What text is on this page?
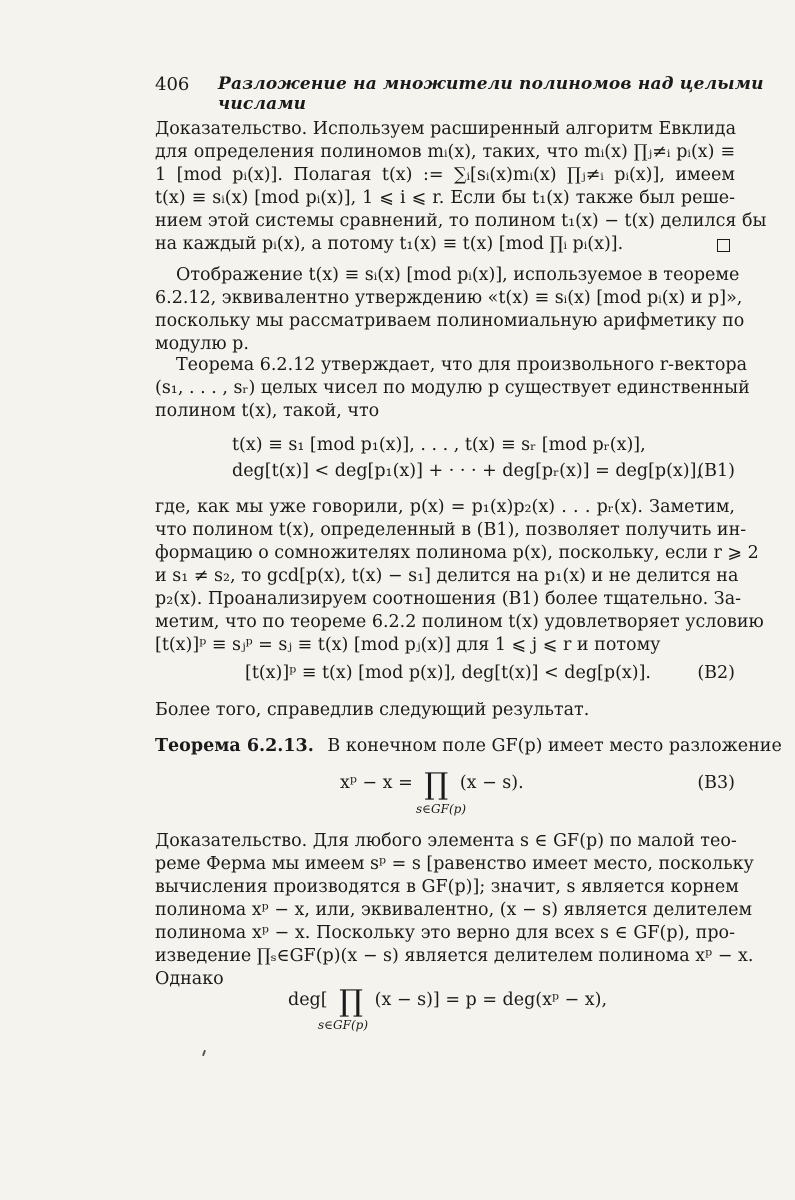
406 Разложение на множители полиномов над целыми числами
Доказательство. Используем расширенный алгоритм Евклида
для определения полиномов mᵢ(x), таких, что mᵢ(x) ∏ⱼ≠ᵢ pᵢ(x) ≡
1 [mod pᵢ(x)]. Полагая t(x) := ∑ᵢ[sᵢ(x)mᵢ(x) ∏ⱼ≠ᵢ pᵢ(x)], имеем
t(x) ≡ sᵢ(x) [mod pᵢ(x)], 1 ⩽ i ⩽ r. Если бы t₁(x) также был реше-
нием этой системы сравнений, то полином t₁(x) − t(x) делился бы
на каждый pᵢ(x), а потому t₁(x) ≡ t(x) [mod ∏ᵢ pᵢ(x)].
Отображение t(x) ≡ sᵢ(x) [mod pᵢ(x)], используемое в теореме
6.2.12, эквивалентно утверждению «t(x) ≡ sᵢ(x) [mod pᵢ(x) и p]»,
поскольку мы рассматриваем полиномиальную арифметику по
модулю p.
Теорема 6.2.12 утверждает, что для произвольного r-вектора
(s₁, . . . , sᵣ) целых чисел по модулю p существует единственный
полином t(x), такой, что
t(x) ≡ s₁ [mod p₁(x)], . . . , t(x) ≡ sᵣ [mod pᵣ(x)],
deg[t(x)] < deg[p₁(x)] + · · · + deg[pᵣ(x)] = deg[p(x)],
(B1)
где, как мы уже говорили, p(x) = p₁(x)p₂(x) . . . pᵣ(x). Заметим,
что полином t(x), определенный в (B1), позволяет получить ин-
формацию о сомножителях полинома p(x), поскольку, если r ⩾ 2
и s₁ ≠ s₂, то gcd[p(x), t(x) − s₁] делится на p₁(x) и не делится на
p₂(x). Проанализируем соотношения (B1) более тщательно. За-
метим, что по теореме 6.2.2 полином t(x) удовлетворяет условию
[t(x)]ᵖ ≡ sⱼᵖ = sⱼ ≡ t(x) [mod pⱼ(x)] для 1 ⩽ j ⩽ r и потому
[t(x)]ᵖ ≡ t(x) [mod p(x)], deg[t(x)] < deg[p(x)].	(B2)
Более того, справедлив следующий результат.
Теорема 6.2.13. В конечном поле GF(p) имеет место разложение
xᵖ − x = ∏ (x − s).
s∈GF(p)
(B3)
Доказательство. Для любого элемента s ∈ GF(p) по малой тео-
реме Ферма мы имеем sᵖ = s [равенство имеет место, поскольку
вычисления производятся в GF(p)]; значит, s является корнем
полинома xᵖ − x, или, эквивалентно, (x − s) является делителем
полинома xᵖ − x. Поскольку это верно для всех s ∈ GF(p), про-
изведение ∏ₛ∈GF(p)(x − s) является делителем полинома xᵖ − x.
Однако
deg[ ∏ (x − s)] = p = deg(xᵖ − x),
s∈GF(p)
